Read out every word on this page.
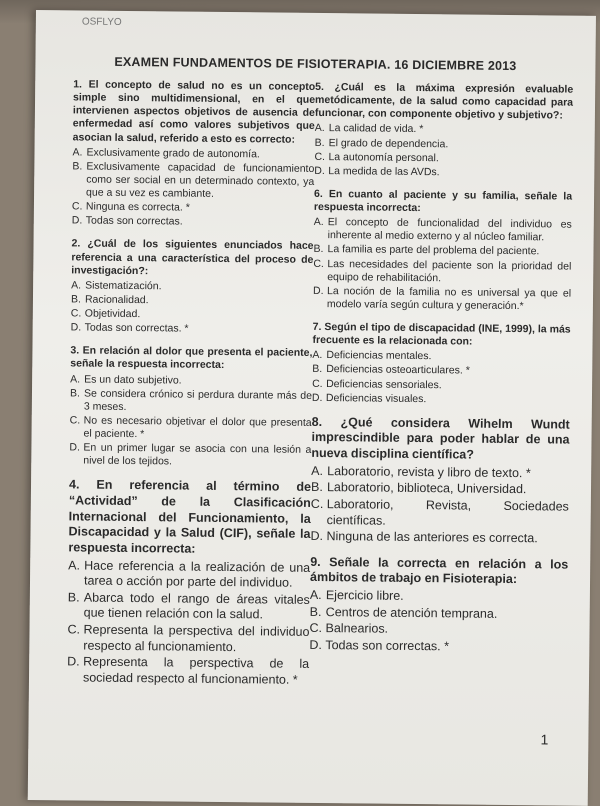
OSFLYO
EXAMEN FUNDAMENTOS DE FISIOTERAPIA. 16 DICIEMBRE 2013
1. El concepto de salud no es un concepto simple sino multidimensional, en el que intervienen aspectos objetivos de ausencia de enfermedad así como valores subjetivos que asocian la salud, referido a esto es correcto:
A. Exclusivamente grado de autonomía.
B. Exclusivamente capacidad de funcionamiento como ser social en un determinado contexto, ya que a su vez es cambiante.
C. Ninguna es correcta. *
D. Todas son correctas.
2. ¿Cuál de los siguientes enunciados hace referencia a una característica del proceso de investigación?:
A. Sistematización.
B. Racionalidad.
C. Objetividad.
D. Todas son correctas. *
3. En relación al dolor que presenta el paciente, señale la respuesta incorrecta:
A. Es un dato subjetivo.
B. Se considera crónico si perdura durante más de 3 meses.
C. No es necesario objetivar el dolor que presenta el paciente. *
D. En un primer lugar se asocia con una lesión a nivel de los tejidos.
4. En referencia al término de “Actividad” de la Clasificación Internacional del Funcionamiento, la Discapacidad y la Salud (CIF), señale la respuesta incorrecta:
A. Hace referencia a la realización de una tarea o acción por parte del individuo.
B. Abarca todo el rango de áreas vitales que tienen relación con la salud.
C. Representa la perspectiva del individuo respecto al funcionamiento.
D. Representa la perspectiva de la sociedad respecto al funcionamiento. *
5. ¿Cuál es la máxima expresión evaluable metódicamente, de la salud como capacidad para funcionar, con componente objetivo y subjetivo?:
A. La calidad de vida. *
B. El grado de dependencia.
C. La autonomía personal.
D. La medida de las AVDs.
6. En cuanto al paciente y su familia, señale la respuesta incorrecta:
A. El concepto de funcionalidad del individuo es inherente al medio externo y al núcleo familiar.
B. La familia es parte del problema del paciente.
C. Las necesidades del paciente son la prioridad del equipo de rehabilitación.
D. La noción de la familia no es universal ya que el modelo varía según cultura y generación.*
7. Según el tipo de discapacidad (INE, 1999), la más frecuente es la relacionada con:
A. Deficiencias mentales.
B. Deficiencias osteoarticulares. *
C. Deficiencias sensoriales.
D. Deficiencias visuales.
8. ¿Qué considera Wihelm Wundt imprescindible para poder hablar de una nueva disciplina científica?
A. Laboratorio, revista y libro de texto. *
B. Laboratorio, biblioteca, Universidad.
C. Laboratorio, Revista, Sociedades científicas.
D. Ninguna de las anteriores es correcta.
9. Señale la correcta en relación a los ámbitos de trabajo en Fisioterapia:
A. Ejercicio libre.
B. Centros de atención temprana.
C. Balnearios.
D. Todas son correctas. *
1
